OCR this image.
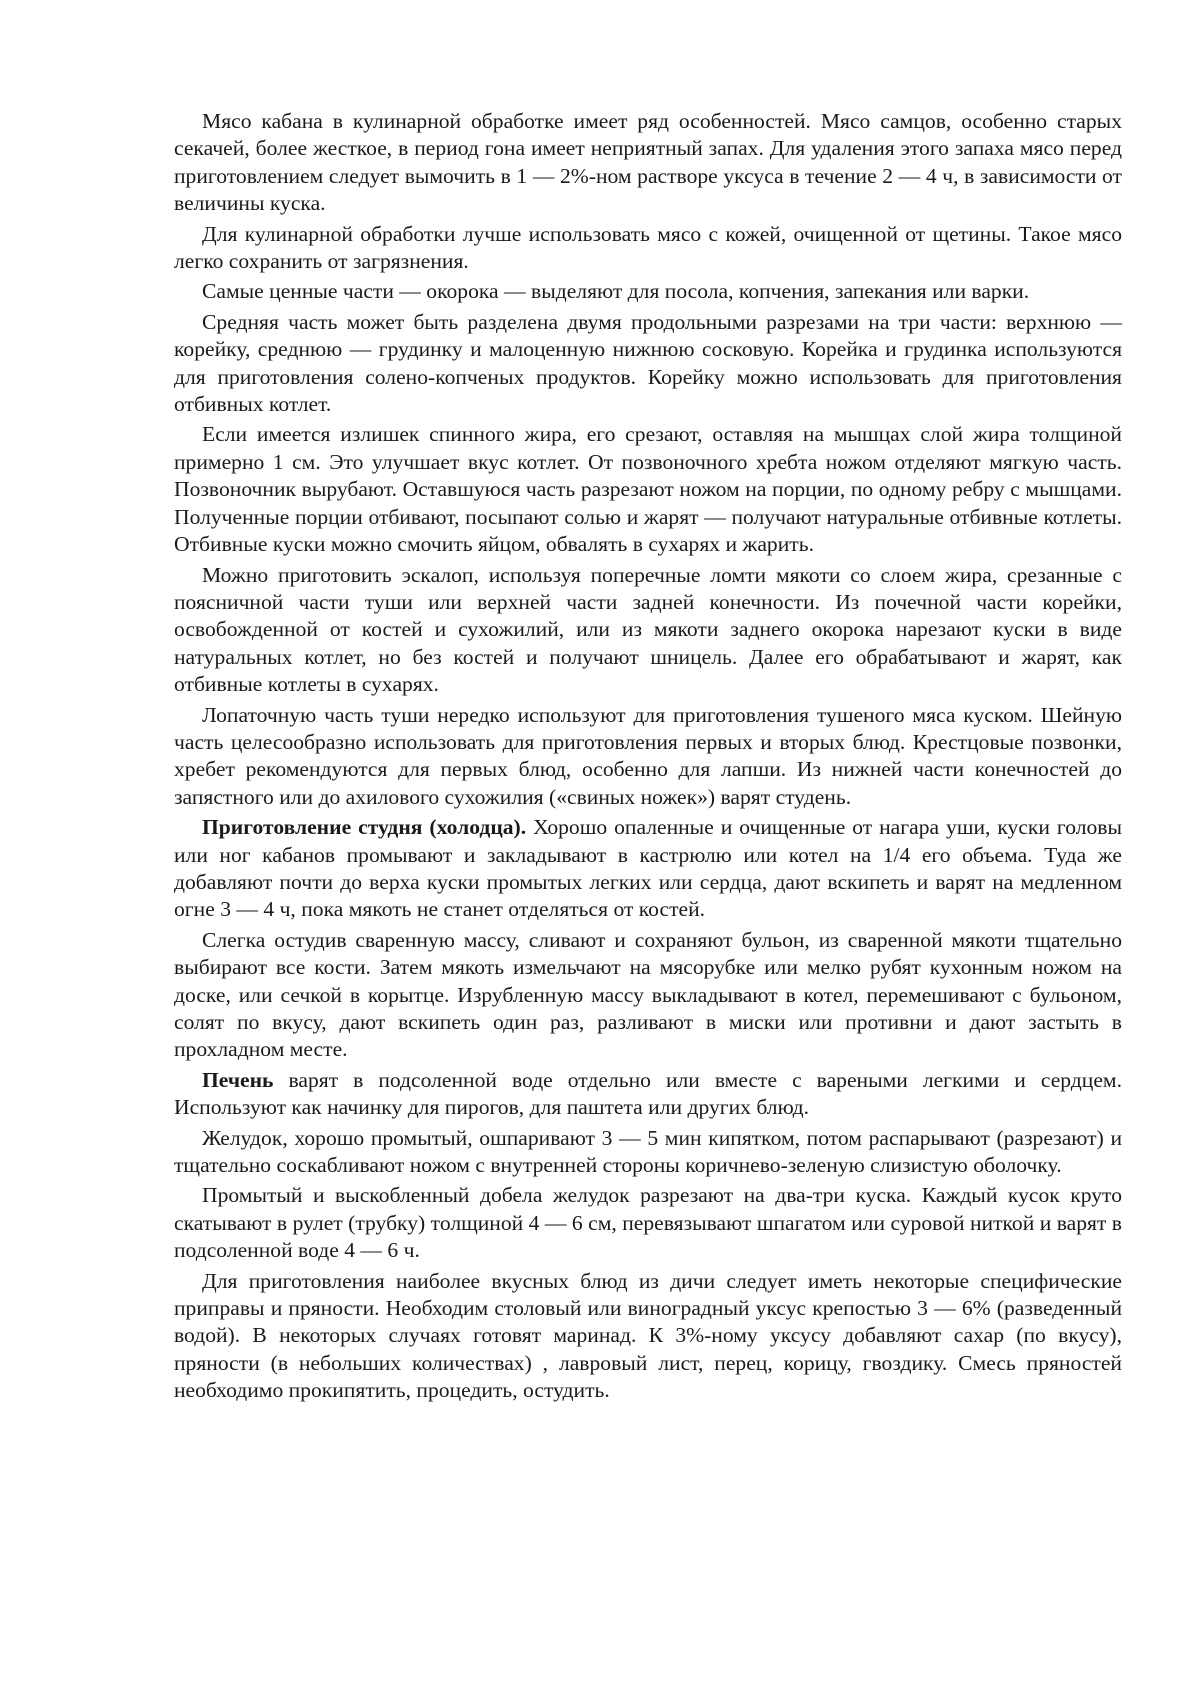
Мясо кабана в кулинарной обработке имеет ряд особенностей. Мясо самцов, особенно старых секачей, более жесткое, в период гона имеет неприятный запах. Для удаления этого запаха мясо перед приготовлением следует вымочить в 1 — 2%-ном растворе уксуса в течение 2 — 4 ч, в зависимости от величины куска.

Для кулинарной обработки лучше использовать мясо с кожей, очищенной от щетины. Такое мясо легко сохранить от загрязнения.

Самые ценные части — окорока — выделяют для посола, копчения, запекания или варки.

Средняя часть может быть разделена двумя продольными разрезами на три части: верхнюю — корейку, среднюю — грудинку и малоценную нижнюю сосковую. Корейка и грудинка используются для приготовления солено-копченых продуктов. Корейку можно использовать для приготовления отбивных котлет.

Если имеется излишек спинного жира, его срезают, оставляя на мышцах слой жира толщиной примерно 1 см. Это улучшает вкус котлет. От позвоночного хребта ножом отделяют мягкую часть. Позвоночник вырубают. Оставшуюся часть разрезают ножом на порции, по одному ребру с мышцами. Полученные порции отбивают, посыпают солью и жарят — получают натуральные отбивные котлеты. Отбивные куски можно смочить яйцом, обвалять в сухарях и жарить.

Можно приготовить эскалоп, используя поперечные ломти мякоти со слоем жира, срезанные с поясничной части туши или верхней части задней конечности. Из почечной части корейки, освобожденной от костей и сухожилий, или из мякоти заднего окорока нарезают куски в виде натуральных котлет, но без костей и получают шницель. Далее его обрабатывают и жарят, как отбивные котлеты в сухарях.

Лопаточную часть туши нередко используют для приготовления тушеного мяса куском. Шейную часть целесообразно использовать для приготовления первых и вторых блюд. Крестцовые позвонки, хребет рекомендуются для первых блюд, особенно для лапши. Из нижней части конечностей до запястного или до ахилового сухожилия («свиных ножек») варят студень.

Приготовление студня (холодца). Хорошо опаленные и очищенные от нагара уши, куски головы или ног кабанов промывают и закладывают в кастрюлю или котел на 1/4 его объема. Туда же добавляют почти до верха куски промытых легких или сердца, дают вскипеть и варят на медленном огне 3 — 4 ч, пока мякоть не станет отделяться от костей.

Слегка остудив сваренную массу, сливают и сохраняют бульон, из сваренной мякоти тщательно выбирают все кости. Затем мякоть измельчают на мясорубке или мелко рубят кухонным ножом на доске, или сечкой в корытце. Изрубленную массу выкладывают в котел, перемешивают с бульоном, солят по вкусу, дают вскипеть один раз, разливают в миски или противни и дают застыть в прохладном месте.

Печень варят в подсоленной воде отдельно или вместе с вареными легкими и сердцем. Используют как начинку для пирогов, для паштета или других блюд.

Желудок, хорошо промытый, ошпаривают 3 — 5 мин кипятком, потом распарывают (разрезают) и тщательно соскабливают ножом с внутренней стороны коричнево-зеленую слизистую оболочку.

Промытый и выскобленный добела желудок разрезают на два-три куска. Каждый кусок круто скатывают в рулет (трубку) толщиной 4 — 6 см, перевязывают шпагатом или суровой ниткой и варят в подсоленной воде 4 — 6 ч.

Для приготовления наиболее вкусных блюд из дичи следует иметь некоторые специфические приправы и пряности. Необходим столовый или виноградный уксус крепостью 3 — 6% (разведенный водой). В некоторых случаях готовят маринад. К 3%-ному уксусу добавляют сахар (по вкусу), пряности (в небольших количествах) , лавровый лист, перец, корицу, гвоздику. Смесь пряностей необходимо прокипятить, процедить, остудить.
